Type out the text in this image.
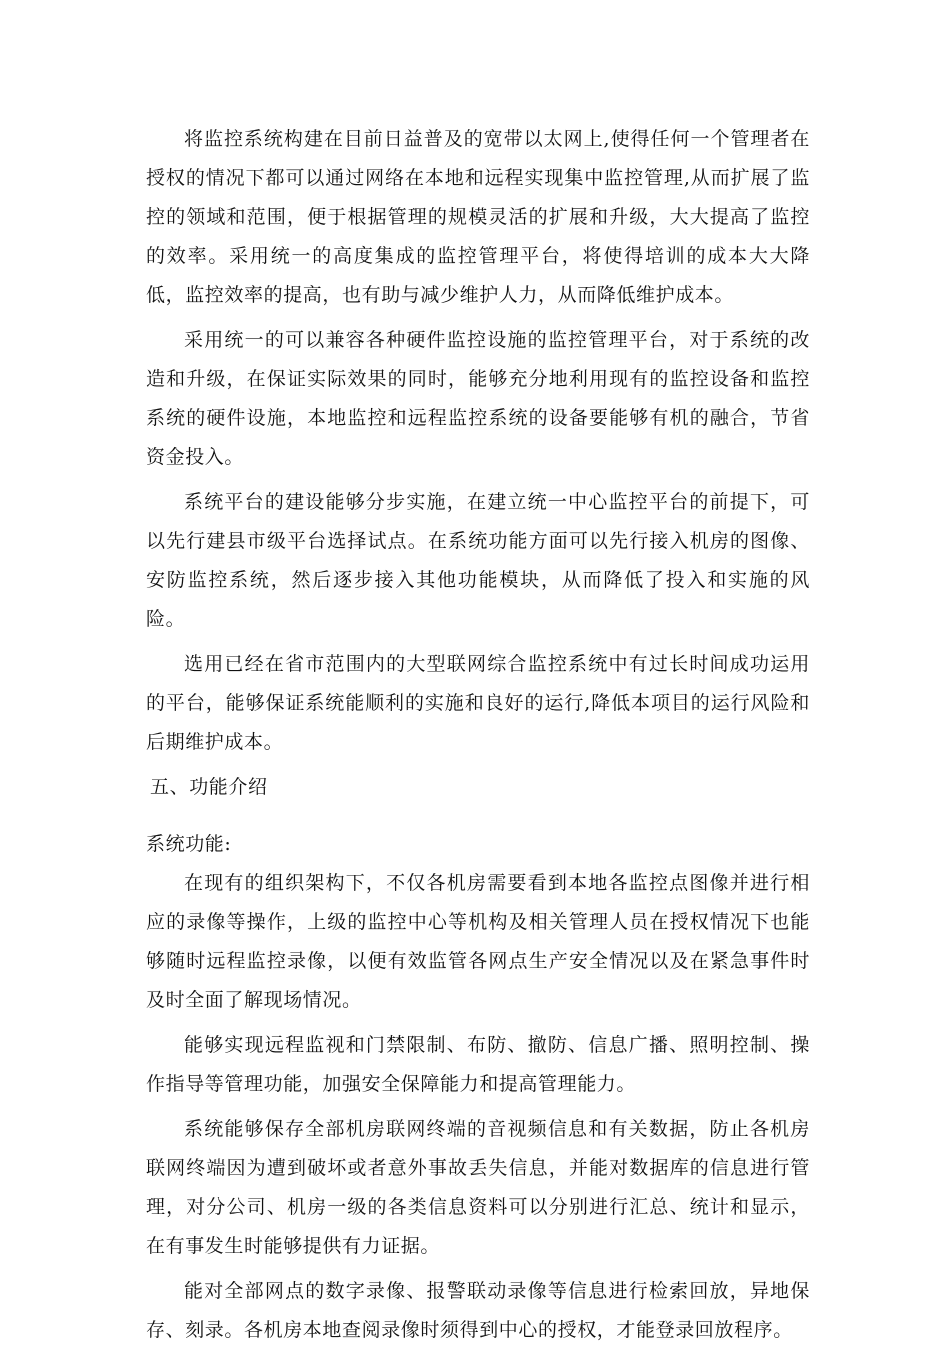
将监控系统构建在目前日益普及的宽带以太网上,使得任何一个管理者在授权的情况下都可以通过网络在本地和远程实现集中监控管理,从而扩展了监控的领域和范围，便于根据管理的规模灵活的扩展和升级，大大提高了监控的效率。采用统一的高度集成的监控管理平台，将使得培训的成本大大降低，监控效率的提高，也有助与减少维护人力，从而降低维护成本。

采用统一的可以兼容各种硬件监控设施的监控管理平台，对于系统的改造和升级，在保证实际效果的同时，能够充分地利用现有的监控设备和监控系统的硬件设施，本地监控和远程监控系统的设备要能够有机的融合，节省资金投入。

系统平台的建设能够分步实施，在建立统一中心监控平台的前提下，可以先行建县市级平台选择试点。在系统功能方面可以先行接入机房的图像、安防监控系统，然后逐步接入其他功能模块，从而降低了投入和实施的风险。

选用已经在省市范围内的大型联网综合监控系统中有过长时间成功运用的平台，能够保证系统能顺利的实施和良好的运行,降低本项目的运行风险和后期维护成本。

五、功能介绍

系统功能:

在现有的组织架构下，不仅各机房需要看到本地各监控点图像并进行相应的录像等操作，上级的监控中心等机构及相关管理人员在授权情况下也能够随时远程监控录像，以便有效监管各网点生产安全情况以及在紧急事件时及时全面了解现场情况。

能够实现远程监视和门禁限制、布防、撤防、信息广播、照明控制、操作指导等管理功能，加强安全保障能力和提高管理能力。

系统能够保存全部机房联网终端的音视频信息和有关数据，防止各机房联网终端因为遭到破坏或者意外事故丢失信息，并能对数据库的信息进行管理，对分公司、机房一级的各类信息资料可以分别进行汇总、统计和显示，在有事发生时能够提供有力证据。

能对全部网点的数字录像、报警联动录像等信息进行检索回放，异地保存、刻录。各机房本地查阅录像时须得到中心的授权，才能登录回放程序。
